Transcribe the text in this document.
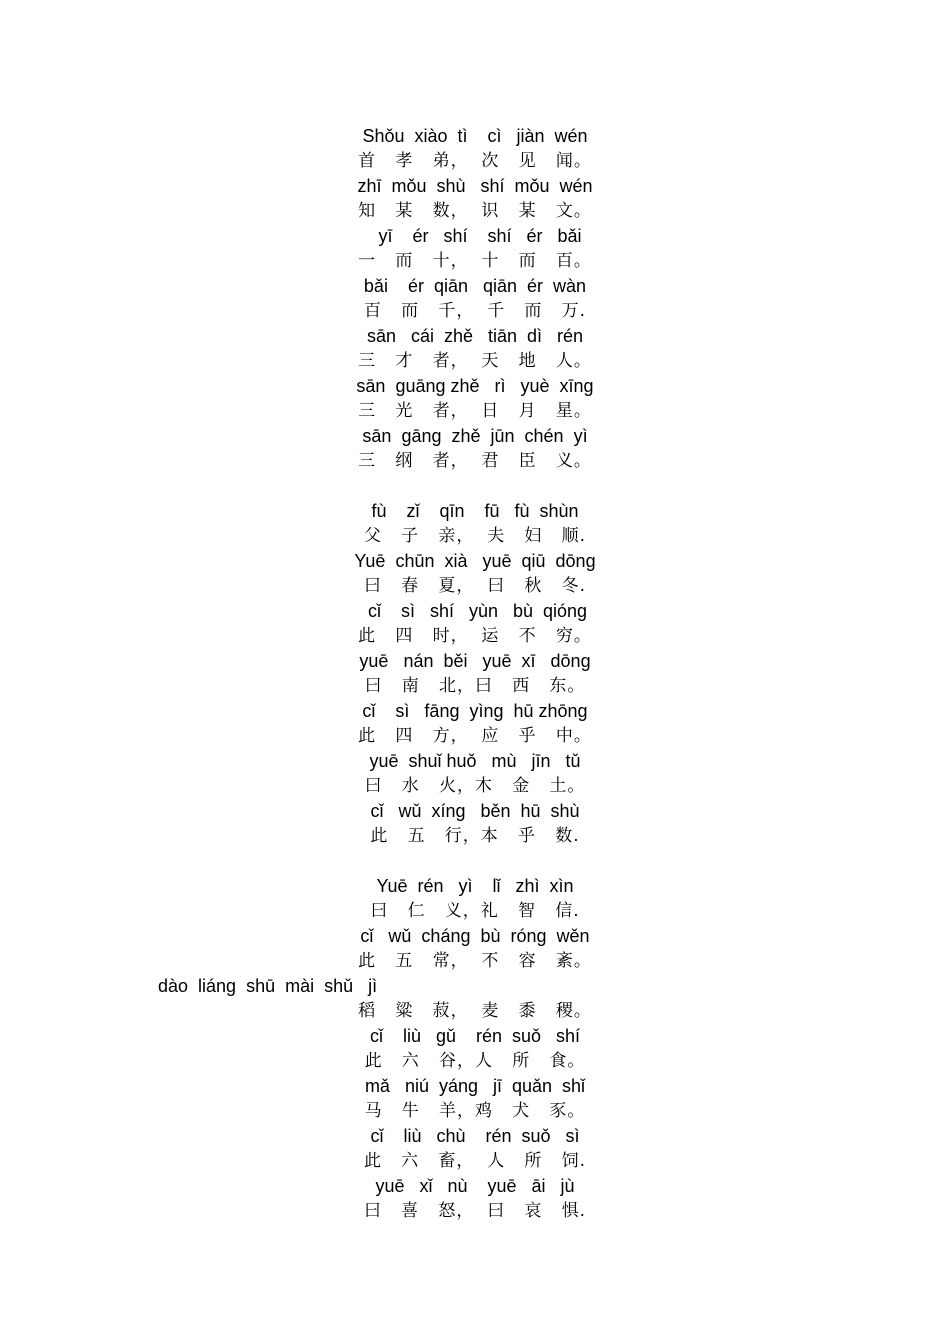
Shǒu  xiào  tì    cì   jiàn  wén

首   孝   弟，  次   见   闻。

zhī  mǒu  shù   shí  mǒu  wén

知   某   数，  识   某   文。

yī    ér   shí    shí   ér   bǎi

一   而   十，  十   而   百。

bǎi    ér  qiān   qiān  ér  wàn

百   而   千，  千   而   万.

sān   cái  zhě   tiān  dì   rén

三   才   者，  天   地   人。

sān  guāng zhě   rì   yuè  xīng

三   光   者，  日   月   星。

sān  gāng  zhě  jūn  chén  yì

三   纲   者，  君   臣   义。

fù    zǐ    qīn    fū   fù  shùn

父   子   亲，  夫   妇   顺.

Yuē  chūn  xià   yuē  qiū  dōng

曰   春   夏，  曰   秋   冬.

cǐ    sì   shí   yùn   bù  qióng

此   四   时，  运   不   穷。

yuē   nán  běi   yuē  xī   dōng

曰   南   北，曰   西   东。

cǐ    sì   fāng  yìng  hū zhōng

此   四   方，  应   乎   中。

yuē  shuǐ huǒ   mù   jīn   tǔ

曰   水   火，木   金   土。

cǐ   wǔ  xíng   běn  hū  shù

此   五   行，本   乎   数.

Yuē  rén   yì    lǐ   zhì  xìn

曰   仁   义，礼   智   信.

cǐ   wǔ  cháng  bù  róng  wěn

此   五   常，  不   容   紊。

dào  liáng  shū  mài  shǔ   jì

稻   粱   菽，  麦   黍   稷。

cǐ    liù   gǔ    rén  suǒ   shí

此   六   谷，人   所   食。

mǎ   niú  yáng   jī  quǎn  shǐ

马   牛   羊，鸡   犬   豕。

cǐ    liù   chù    rén  suǒ   sì

此   六   畜，  人   所   饲.

yuē   xǐ   nù    yuē   āi   jù

曰   喜   怒，  曰   哀   惧.
